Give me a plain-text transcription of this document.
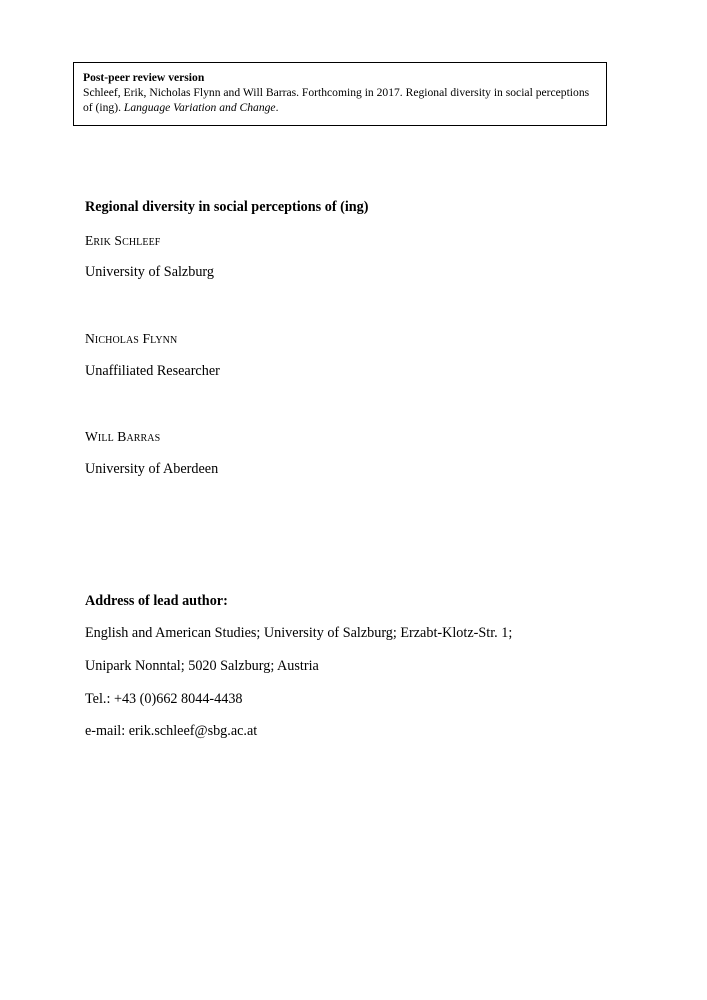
Post-peer review version
Schleef, Erik, Nicholas Flynn and Will Barras. Forthcoming in 2017. Regional diversity in social perceptions of (ing). Language Variation and Change.

Regional diversity in social perceptions of (ing)

Erik Schleef

University of Salzburg

Nicholas Flynn

Unaffiliated Researcher

Will Barras

University of Aberdeen

Address of lead author:

English and American Studies; University of Salzburg; Erzabt-Klotz-Str. 1;

Unipark Nonntal; 5020 Salzburg; Austria

Tel.: +43 (0)662 8044-4438

e-mail: erik.schleef@sbg.ac.at
